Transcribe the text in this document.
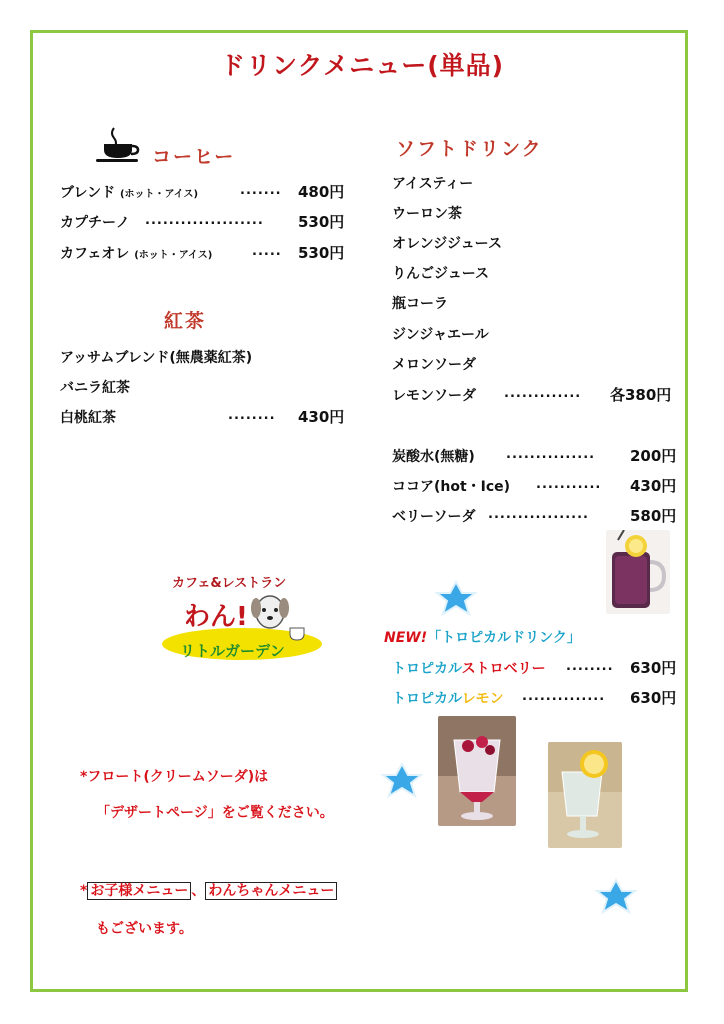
ドリンクメニュー(単品)
コーヒー
ブレンド (ホット・アイス)	....... 480円
カプチーノ .................... 530円
カフェオレ (ホット・アイス)	..... 530円
紅茶
アッサムブレンド(無農薬紅茶)
バニラ紅茶
白桃紅茶	........ 430円
ソフトドリンク
アイスティー
ウーロン茶
オレンジジュース
りんごジュース
瓶コーラ
ジンジャエール
メロンソーダ
レモンソーダ ............. 各380円
炭酸水(無糖) ............... 200円
ココア(hot・Ice) ........... 430円
ベリーソーダ .................	580円
カフェ&レストラン
わん!
リトルガーデン
NEW!「トロピカルドリンク」
トロピカルストロベリー ........ 630円
トロピカルレモン .............. 630円
*フロート(クリームソーダ)は
「デザートページ」をご覧ください。
* お子様メニュー 、 わんちゃんメニュー
もございます。
